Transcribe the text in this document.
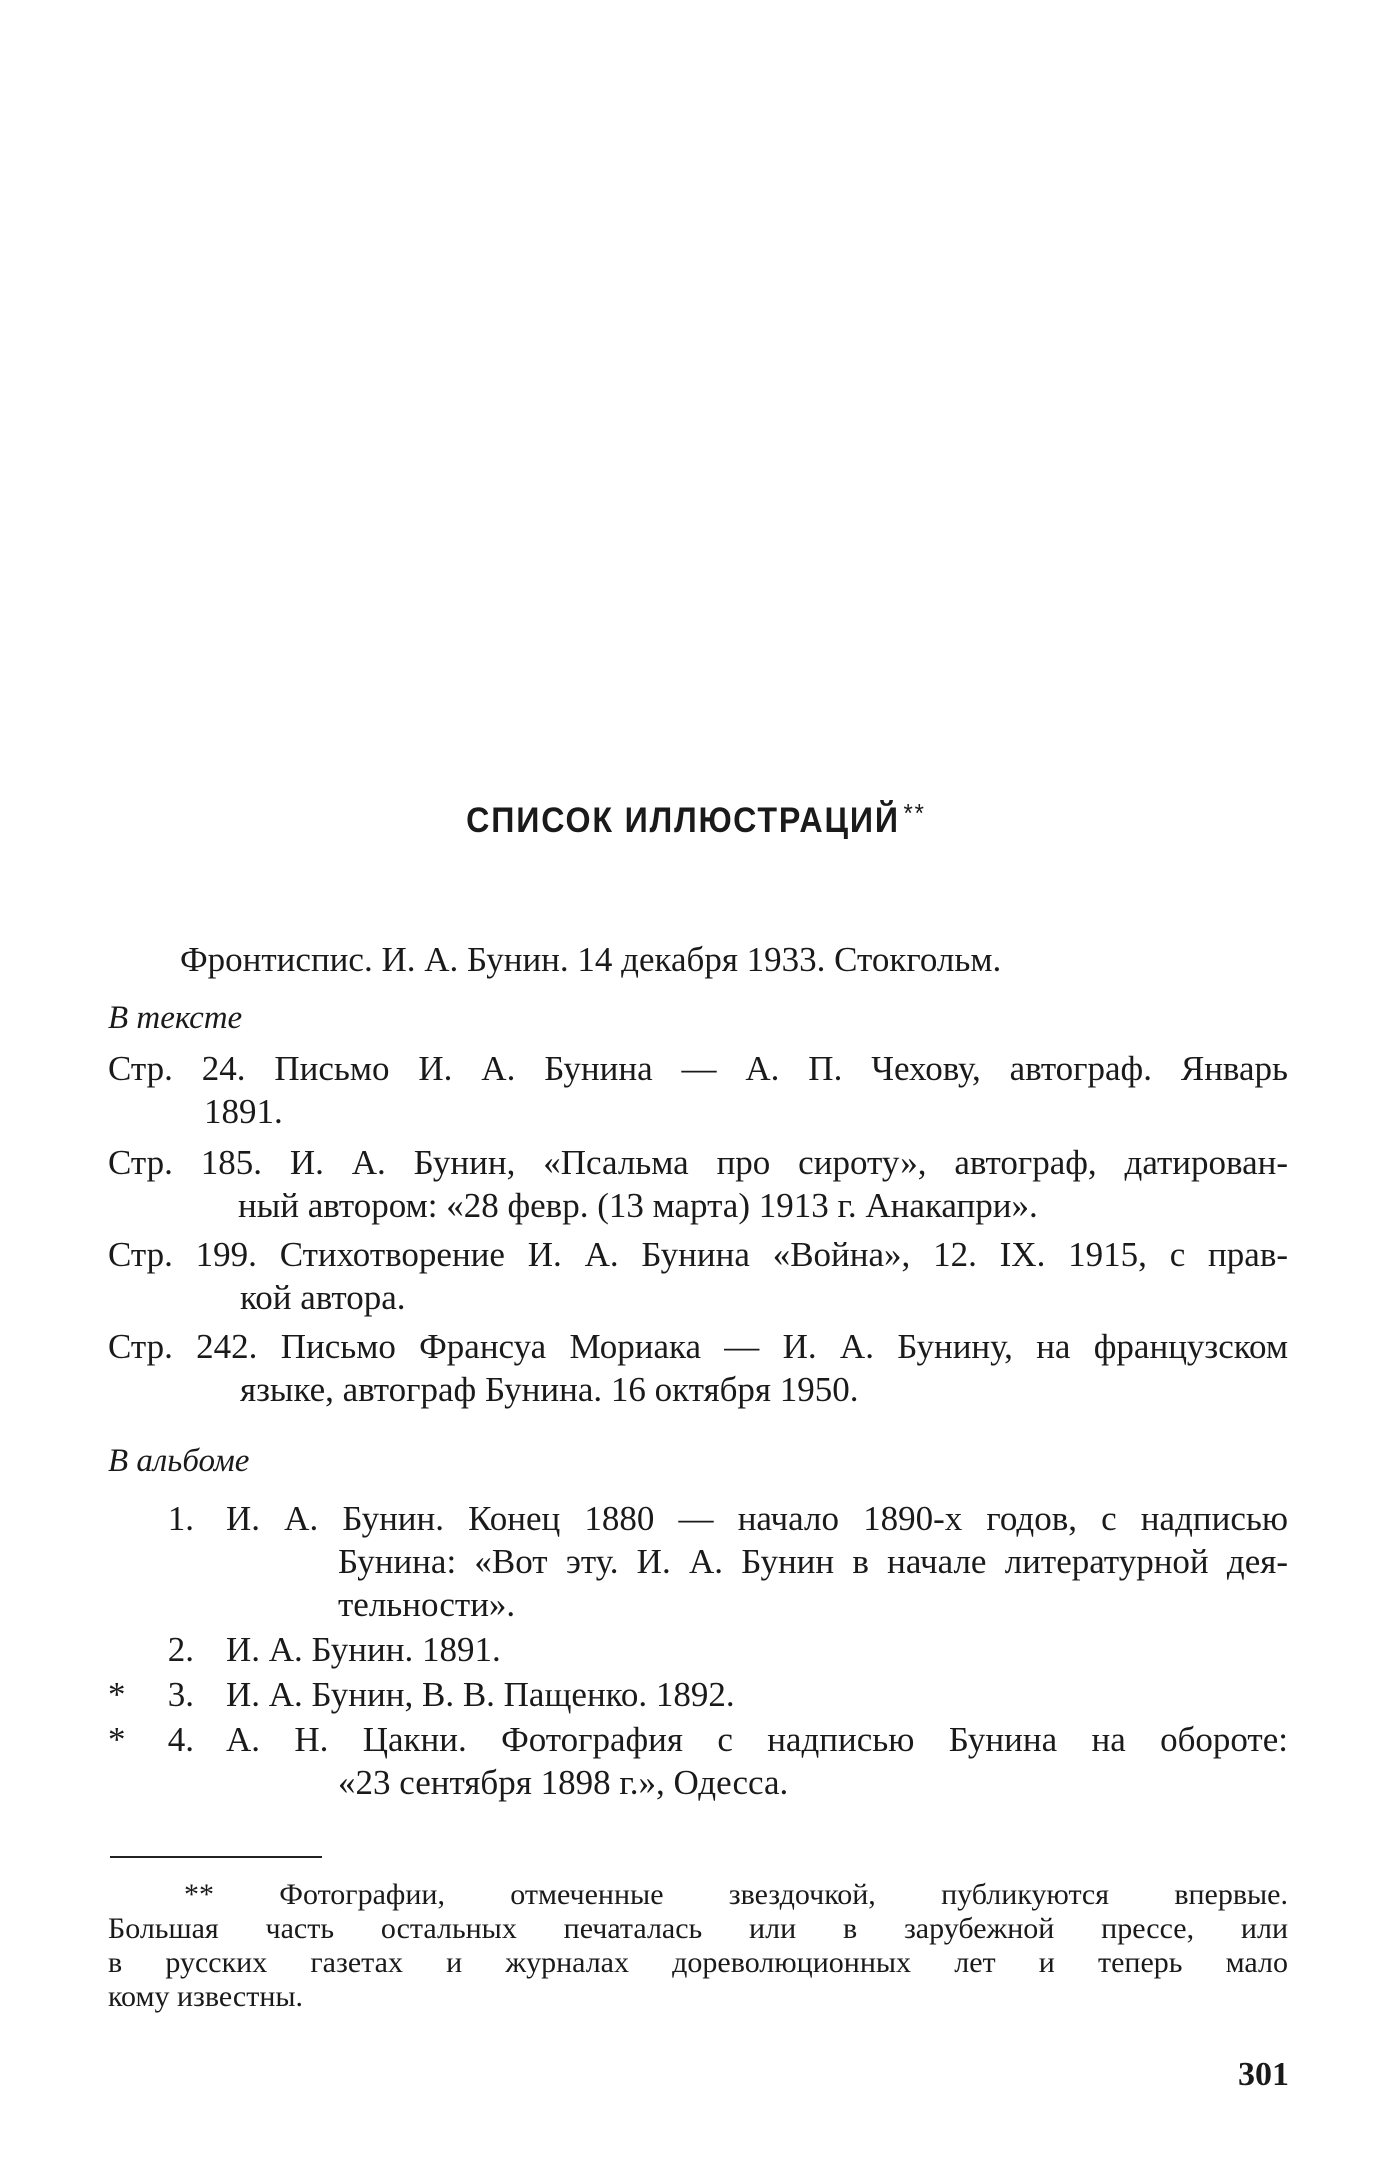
СПИСОК ИЛЛЮСТРАЦИЙ **
Фронтиспис. И. А. Бунин. 14 декабря 1933. Стокгольм.
В тексте
Стр. 24. Письмо И. А. Бунина — А. П. Чехову, автограф. Январь
1891.
Стр. 185. И. А. Бунин, «Псальма про сироту», автограф, датирован-
ный автором: «28 февр. (13 марта) 1913 г. Анакапри».
Стр. 199. Стихотворение И. А. Бунина «Война», 12. IX. 1915, с прав-
кой автора.
Стр. 242. Письмо Франсуа Мориака — И. А. Бунину, на французском
языке, автограф Бунина. 16 октября 1950.
В альбоме
1. И. А. Бунин. Конец 1880 — начало 1890-х годов, с надписью
Бунина: «Вот эту. И. А. Бунин в начале литературной дея-
тельности».
2. И. А. Бунин. 1891.
*	3. И. А. Бунин, В. В. Пащенко. 1892.
*	4. А. Н. Цакни. Фотография с надписью Бунина на обороте:
«23 сентября 1898 г.», Одесса.
** Фотографии, отмеченные звездочкой, публикуются впервые.
Большая часть остальных печаталась или в зарубежной прессе, или
в русских газетах и журналах дореволюционных лет и теперь мало
кому известны.
301
